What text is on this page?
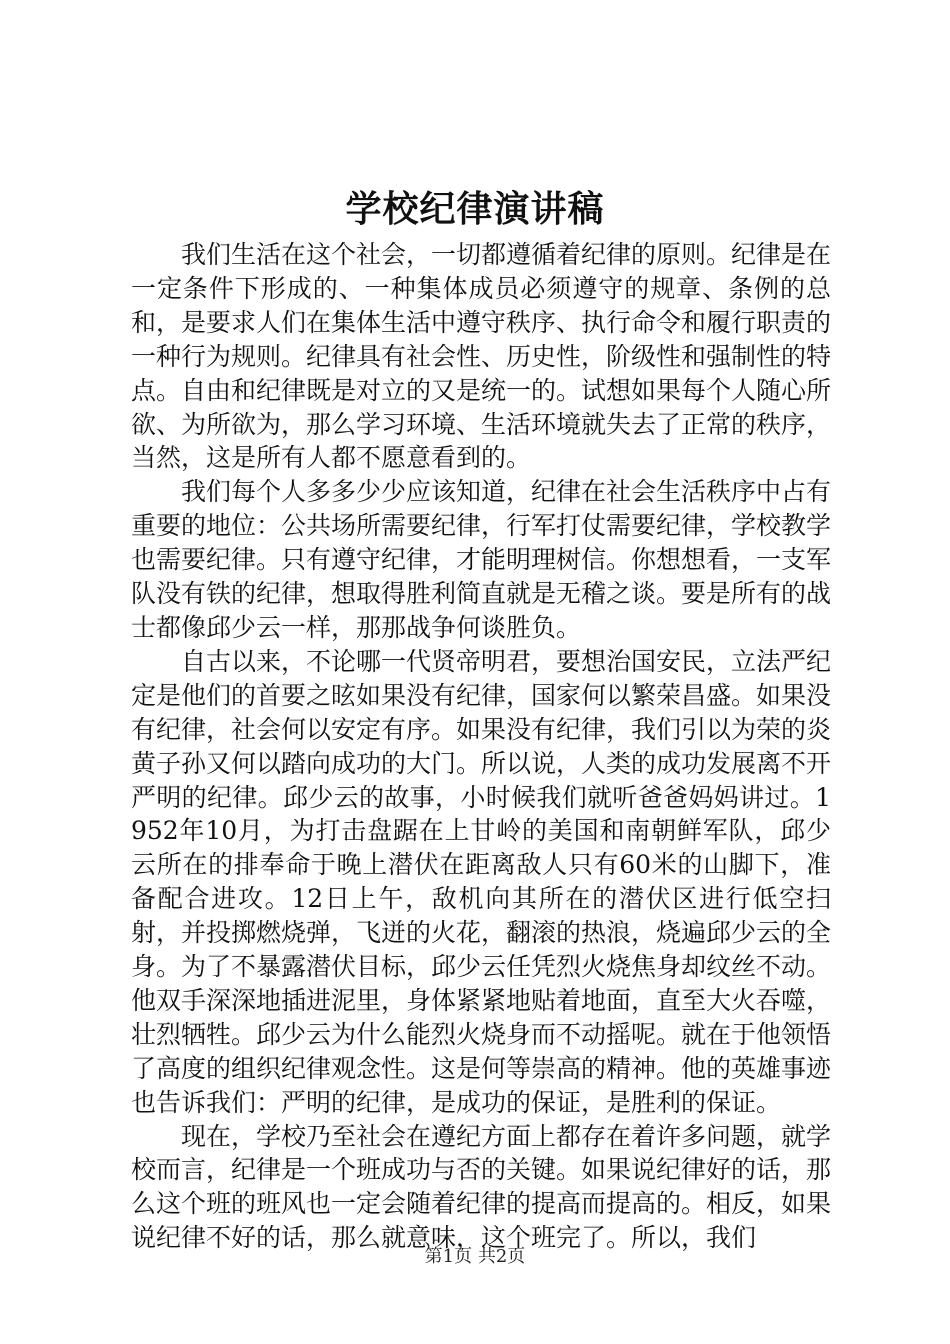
学校纪律演讲稿

我们生活在这个社会，一切都遵循着纪律的原则。纪律是在一定条件下形成的、一种集体成员必须遵守的规章、条例的总和，是要求人们在集体生活中遵守秩序、执行命令和履行职责的一种行为规则。纪律具有社会性、历史性，阶级性和强制性的特点。自由和纪律既是对立的又是统一的。试想如果每个人随心所欲、为所欲为，那么学习环境、生活环境就失去了正常的秩序，当然，这是所有人都不愿意看到的。

我们每个人多多少少应该知道，纪律在社会生活秩序中占有重要的地位：公共场所需要纪律，行军打仗需要纪律，学校教学也需要纪律。只有遵守纪律，才能明理树信。你想想看，一支军队没有铁的纪律，想取得胜利简直就是无稽之谈。要是所有的战士都像邱少云一样，那那战争何谈胜负。

自古以来，不论哪一代贤帝明君，要想治国安民，立法严纪定是他们的首要之昡如果没有纪律，国家何以繁荣昌盛。如果没有纪律，社会何以安定有序。如果没有纪律，我们引以为荣的炎黄子孙又何以踏向成功的大门。所以说，人类的成功发展离不开严明的纪律。邱少云的故事，小时候我们就听爸爸妈妈讲过。1952年10月，为打击盘踞在上甘岭的美国和南朝鲜军队，邱少云所在的排奉命于晚上潜伏在距离敌人只有60米的山脚下，准备配合进攻。12日上午，敌机向其所在的潜伏区进行低空扫射，并投掷燃烧弹，飞迸的火花，翻滚的热浪，烧遍邱少云的全身。为了不暴露潜伏目标，邱少云任凭烈火烧焦身却纹丝不动。他双手深深地插进泥里，身体紧紧地贴着地面，直至大火吞噬，壮烈牺牲。邱少云为什么能烈火烧身而不动摇呢。就在于他领悟了高度的组织纪律观念性。这是何等崇高的精神。他的英雄事迹也告诉我们：严明的纪律，是成功的保证，是胜利的保证。

现在，学校乃至社会在遵纪方面上都存在着许多问题，就学校而言，纪律是一个班成功与否的关键。如果说纪律好的话，那么这个班的班风也一定会随着纪律的提高而提高的。相反，如果说纪律不好的话，那么就意味，这个班完了。所以，我们

第1页 共2页
